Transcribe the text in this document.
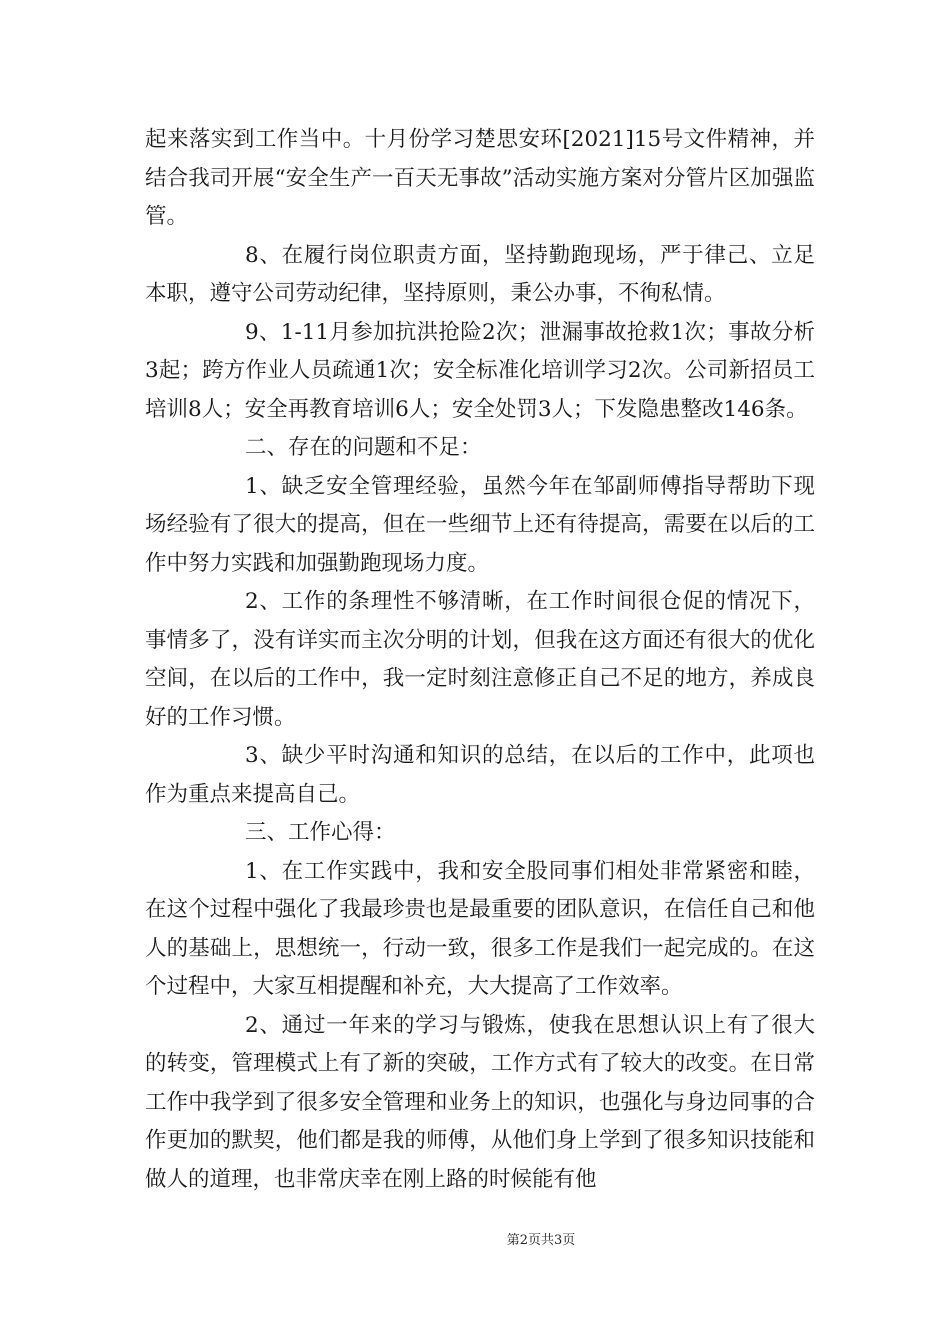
起来落实到工作当中。十月份学习楚思安环[2021]15号文件精神，并结合我司开展“安全生产一百天无事故”活动实施方案对分管片区加强监管。

8、在履行岗位职责方面，坚持勤跑现场，严于律己、立足本职，遵守公司劳动纪律，坚持原则，秉公办事，不徇私情。

9、1-11月参加抗洪抢险2次；泄漏事故抢救1次；事故分析3起；跨方作业人员疏通1次；安全标准化培训学习2次。公司新招员工培训8人；安全再教育培训6人；安全处罚3人；下发隐患整改146条。

二、存在的问题和不足：

1、缺乏安全管理经验，虽然今年在邹副师傅指导帮助下现场经验有了很大的提高，但在一些细节上还有待提高，需要在以后的工作中努力实践和加强勤跑现场力度。

2、工作的条理性不够清晰，在工作时间很仓促的情况下，事情多了，没有详实而主次分明的计划，但我在这方面还有很大的优化空间，在以后的工作中，我一定时刻注意修正自己不足的地方，养成良好的工作习惯。

3、缺少平时沟通和知识的总结，在以后的工作中，此项也作为重点来提高自己。

三、工作心得：

1、在工作实践中，我和安全股同事们相处非常紧密和睦，在这个过程中强化了我最珍贵也是最重要的团队意识，在信任自己和他人的基础上，思想统一，行动一致，很多工作是我们一起完成的。在这个过程中，大家互相提醒和补充，大大提高了工作效率。

2、通过一年来的学习与锻炼，使我在思想认识上有了很大的转变，管理模式上有了新的突破，工作方式有了较大的改变。在日常工作中我学到了很多安全管理和业务上的知识，也强化与身边同事的合作更加的默契，他们都是我的师傅，从他们身上学到了很多知识技能和做人的道理，也非常庆幸在刚上路的时候能有他

第2页共3页
